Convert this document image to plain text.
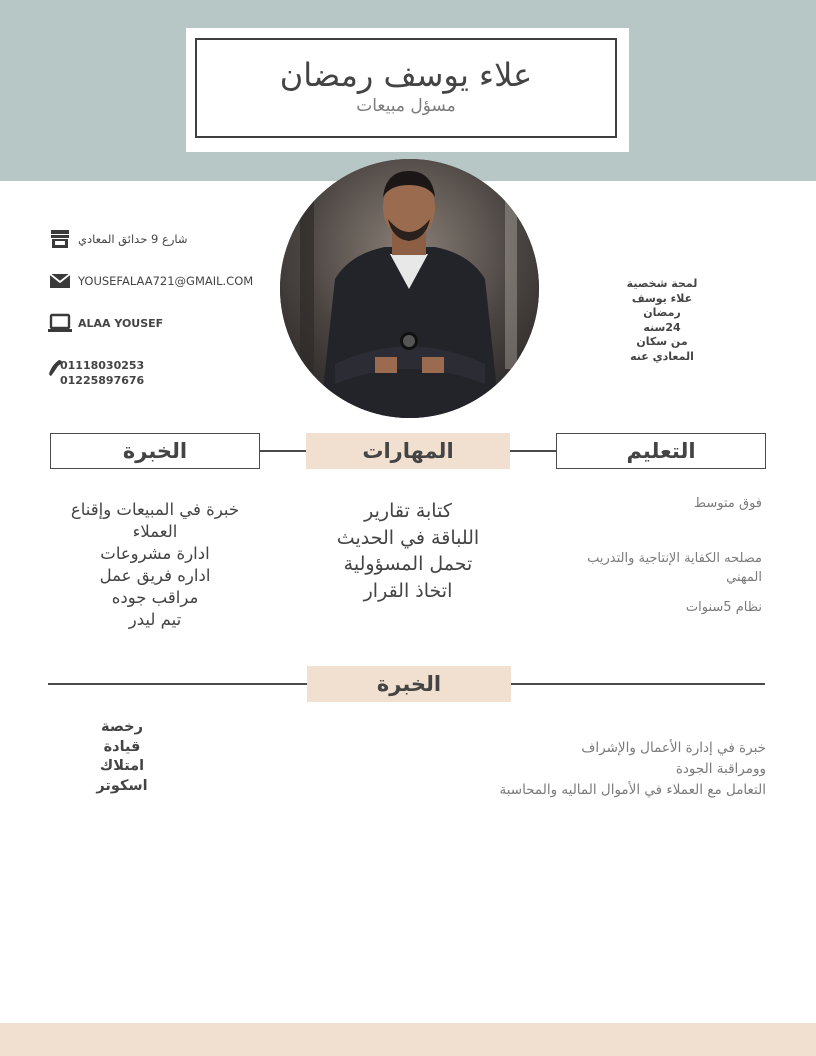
علاء يوسف رمضان
مسؤل مبيعات
شارع 9 حدائق المعادي
YOUSEFALAA721@GMAIL.COM
ALAA YOUSEF
01118030253
01225897676
لمحة شخصية
علاء يوسف
رمضان
24سنه
من سكان
المعادي عنه
الخبرة	المهارات	التعليم
خبرة في المبيعات وإقناع العملاء
ادارة مشروعات
اداره فريق عمل
مراقب جوده
تيم ليدر
كتابة تقارير
اللباقة في الحديث
تحمل المسؤولية
اتخاذ القرار
فوق متوسط
مصلحه الكفاية الإنتاجية والتدريب المهني
نظام 5سنوات
الخبرة
رخصة
قيادة
امتلاك
اسكوتر
خبرة في إدارة الأعمال والإشراف
وومراقبة الجودة
التعامل مع العملاء في الأموال الماليه والمحاسبة
